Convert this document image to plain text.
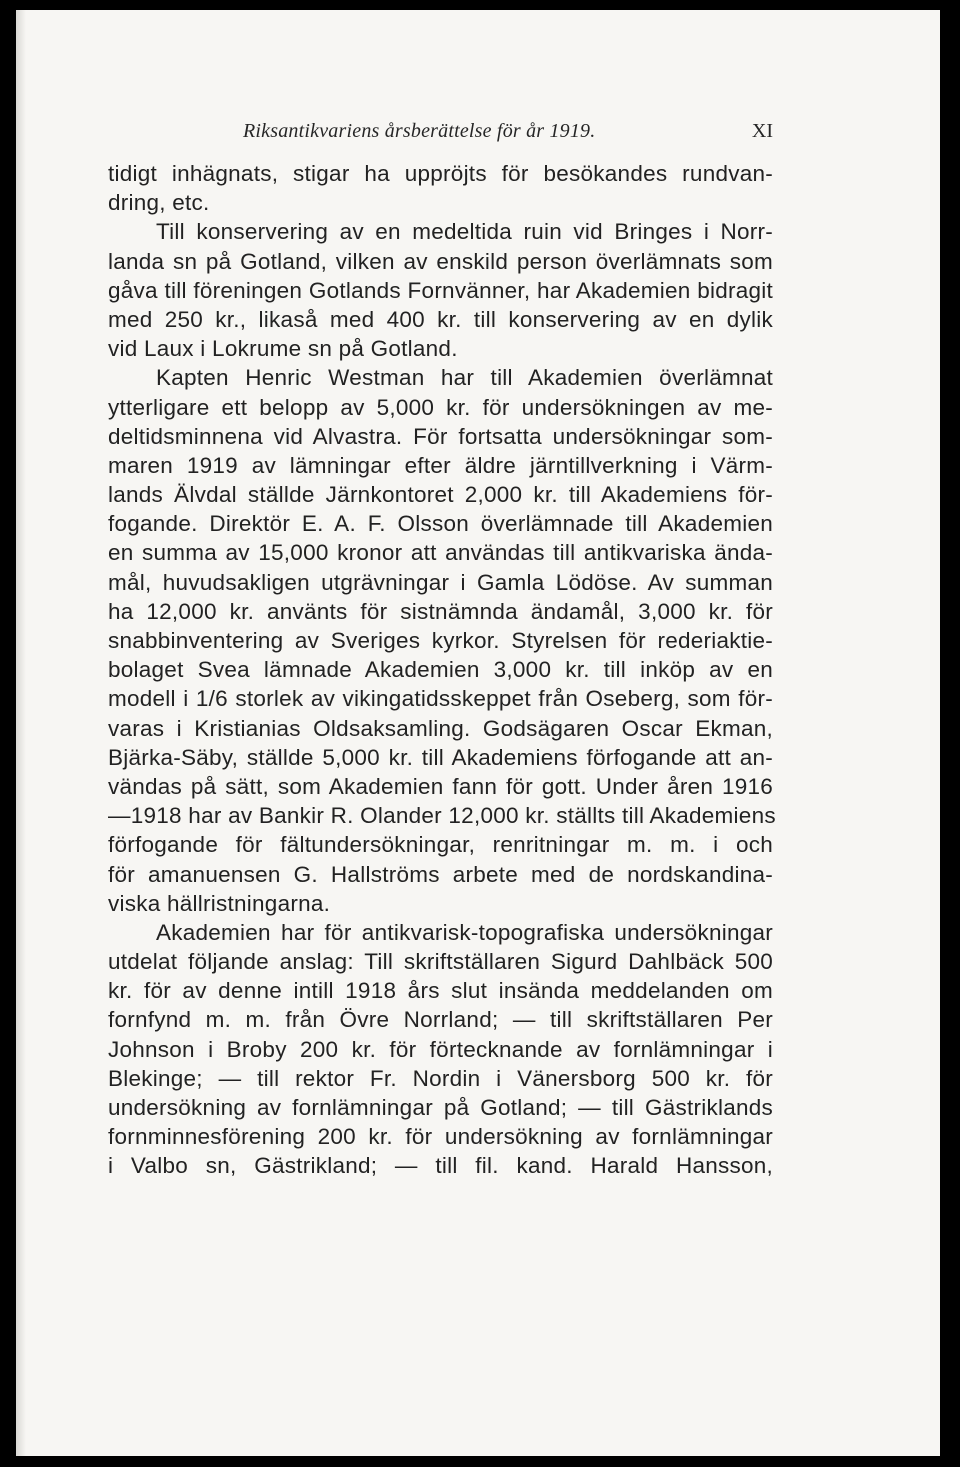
Riksantikvariens årsberättelse för år 1919.	XI
tidigt inhägnats, stigar ha uppröjts för besökandes rundvan-
dring, etc.
Till konservering av en medeltida ruin vid Bringes i Norr-
landa sn på Gotland, vilken av enskild person överlämnats som
gåva till föreningen Gotlands Fornvänner, har Akademien bidragit
med 250 kr., likaså med 400 kr. till konservering av en dylik
vid Laux i Lokrume sn på Gotland.
Kapten Henric Westman har till Akademien överlämnat
ytterligare ett belopp av 5,000 kr. för undersökningen av me-
deltidsminnena vid Alvastra. För fortsatta undersökningar som-
maren 1919 av lämningar efter äldre järntillverkning i Värm-
lands Älvdal ställde Järnkontoret 2,000 kr. till Akademiens för-
fogande. Direktör E. A. F. Olsson överlämnade till Akademien
en summa av 15,000 kronor att användas till antikvariska ända-
mål, huvudsakligen utgrävningar i Gamla Lödöse. Av summan
ha 12,000 kr. använts för sistnämnda ändamål, 3,000 kr. för
snabbinventering av Sveriges kyrkor. Styrelsen för rederiaktie-
bolaget Svea lämnade Akademien 3,000 kr. till inköp av en
modell i 1/6 storlek av vikingatidsskeppet från Oseberg, som för-
varas i Kristianias Oldsaksamling. Godsägaren Oscar Ekman,
Bjärka-Säby, ställde 5,000 kr. till Akademiens förfogande att an-
vändas på sätt, som Akademien fann för gott. Under åren 1916
—1918 har av Bankir R. Olander 12,000 kr. ställts till Akademiens
förfogande för fältundersökningar, renritningar m. m. i och
för amanuensen G. Hallströms arbete med de nordskandina-
viska hällristningarna.
Akademien har för antikvarisk-topografiska undersökningar
utdelat följande anslag: Till skriftställaren Sigurd Dahlbäck 500
kr. för av denne intill 1918 års slut insända meddelanden om
fornfynd m. m. från Övre Norrland; — till skriftställaren Per
Johnson i Broby 200 kr. för förtecknande av fornlämningar i
Blekinge; — till rektor Fr. Nordin i Vänersborg 500 kr. för
undersökning av fornlämningar på Gotland; — till Gästriklands
fornminnesförening 200 kr. för undersökning av fornlämningar
i Valbo sn, Gästrikland; — till fil. kand. Harald Hansson,
